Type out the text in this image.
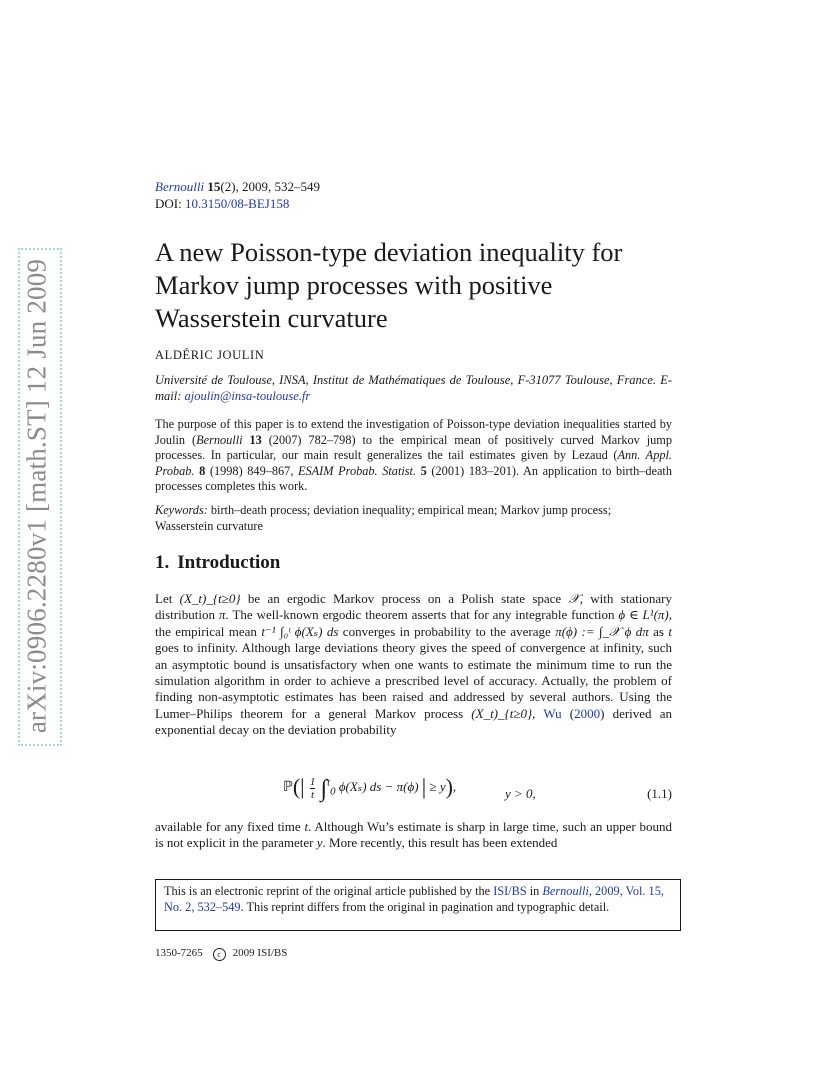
arXiv:0906.2280v1 [math.ST] 12 Jun 2009
Bernoulli 15(2), 2009, 532–549
DOI: 10.3150/08-BEJ158
A new Poisson-type deviation inequality for
Markov jump processes with positive
Wasserstein curvature
ALDÉRIC JOULIN
Université de Toulouse, INSA, Institut de Mathématiques de Toulouse, F-31077 Toulouse, France. E-mail: ajoulin@insa-toulouse.fr
The purpose of this paper is to extend the investigation of Poisson-type deviation inequalities started by Joulin (Bernoulli 13 (2007) 782–798) to the empirical mean of positively curved Markov jump processes. In particular, our main result generalizes the tail estimates given by Lezaud (Ann. Appl. Probab. 8 (1998) 849–867, ESAIM Probab. Statist. 5 (2001) 183–201). An application to birth–death processes completes this work.
Keywords: birth–death process; deviation inequality; empirical mean; Markov jump process; Wasserstein curvature
1. Introduction

Let (X_t)_{t≥0} be an ergodic Markov process on a Polish state space 𝒳, with stationary distribution π. The well-known ergodic theorem asserts that for any integrable function ϕ ∈ L¹(π), the empirical mean t⁻¹ ∫₀ᵗ ϕ(Xₛ) ds converges in probability to the average π(ϕ) := ∫_𝒳 ϕ dπ as t goes to infinity. Although large deviations theory gives the speed of convergence at infinity, such an asymptotic bound is unsatisfactory when one wants to estimate the minimum time to run the simulation algorithm in order to achieve a prescribed level of accuracy. Actually, the problem of finding non-asymptotic estimates has been raised and addressed by several authors. Using the Lumer–Philips theorem for a general Markov process (X_t)_{t≥0}, Wu (2000) derived an exponential decay on the deviation probability

ℙ(| $\frac{1}{t} \int^t_0$ ϕ(Xₛ) ds − π(ϕ) | ≥ y),	y > 0,	(1.1)

available for any fixed time t. Although Wu’s estimate is sharp in large time, such an upper bound is not explicit in the parameter y. More recently, this result has been extended

This is an electronic reprint of the original article published by the ISI/BS in Bernoulli, 2009, Vol. 15, No. 2, 532–549. This reprint differs from the original in pagination and typographic detail.
1350-7265 c 2009 ISI/BS
